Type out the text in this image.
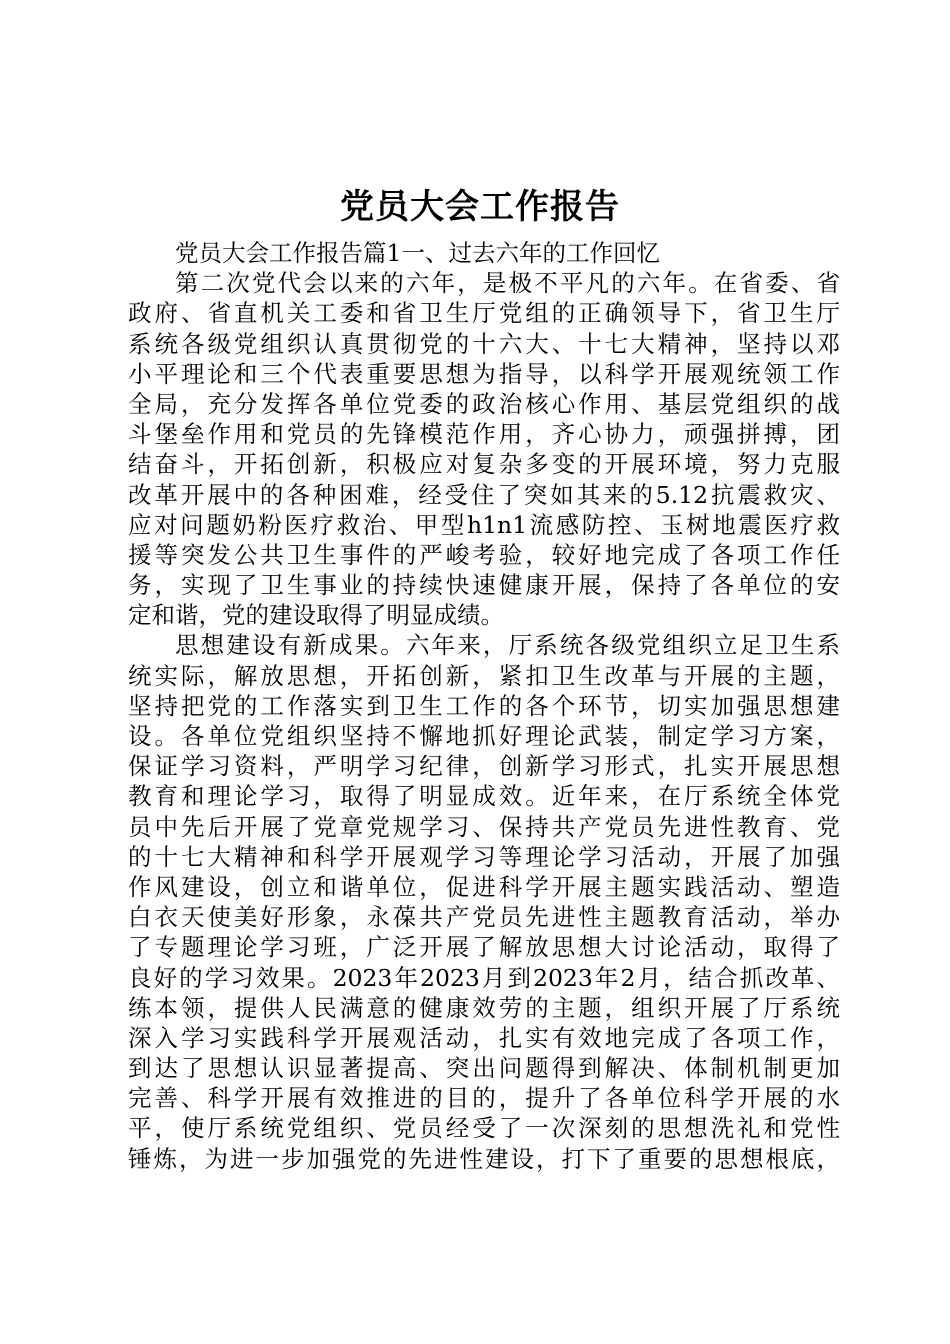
党员大会工作报告
党员大会工作报告篇1一、过去六年的工作回忆
第二次党代会以来的六年，是极不平凡的六年。在省委、省
政府、省直机关工委和省卫生厅党组的正确领导下，省卫生厅
系统各级党组织认真贯彻党的十六大、十七大精神，坚持以邓
小平理论和三个代表重要思想为指导，以科学开展观统领工作
全局，充分发挥各单位党委的政治核心作用、基层党组织的战
斗堡垒作用和党员的先锋模范作用，齐心协力，顽强拼搏，团
结奋斗，开拓创新，积极应对复杂多变的开展环境，努力克服
改革开展中的各种困难，经受住了突如其来的5.12抗震救灾、
应对问题奶粉医疗救治、甲型h1n1流感防控、玉树地震医疗救
援等突发公共卫生事件的严峻考验，较好地完成了各项工作任
务，实现了卫生事业的持续快速健康开展，保持了各单位的安
定和谐，党的建设取得了明显成绩。
思想建设有新成果。六年来，厅系统各级党组织立足卫生系
统实际，解放思想，开拓创新，紧扣卫生改革与开展的主题，
坚持把党的工作落实到卫生工作的各个环节，切实加强思想建
设。各单位党组织坚持不懈地抓好理论武装，制定学习方案，
保证学习资料，严明学习纪律，创新学习形式，扎实开展思想
教育和理论学习，取得了明显成效。近年来，在厅系统全体党
员中先后开展了党章党规学习、保持共产党员先进性教育、党
的十七大精神和科学开展观学习等理论学习活动，开展了加强
作风建设，创立和谐单位，促进科学开展主题实践活动、塑造
白衣天使美好形象，永葆共产党员先进性主题教育活动，举办
了专题理论学习班，广泛开展了解放思想大讨论活动，取得了
良好的学习效果。2023年2023月到2023年2月，结合抓改革、
练本领，提供人民满意的健康效劳的主题，组织开展了厅系统
深入学习实践科学开展观活动，扎实有效地完成了各项工作，
到达了思想认识显著提高、突出问题得到解决、体制机制更加
完善、科学开展有效推进的目的，提升了各单位科学开展的水
平，使厅系统党组织、党员经受了一次深刻的思想洗礼和党性
锤炼，为进一步加强党的先进性建设，打下了重要的思想根底，
